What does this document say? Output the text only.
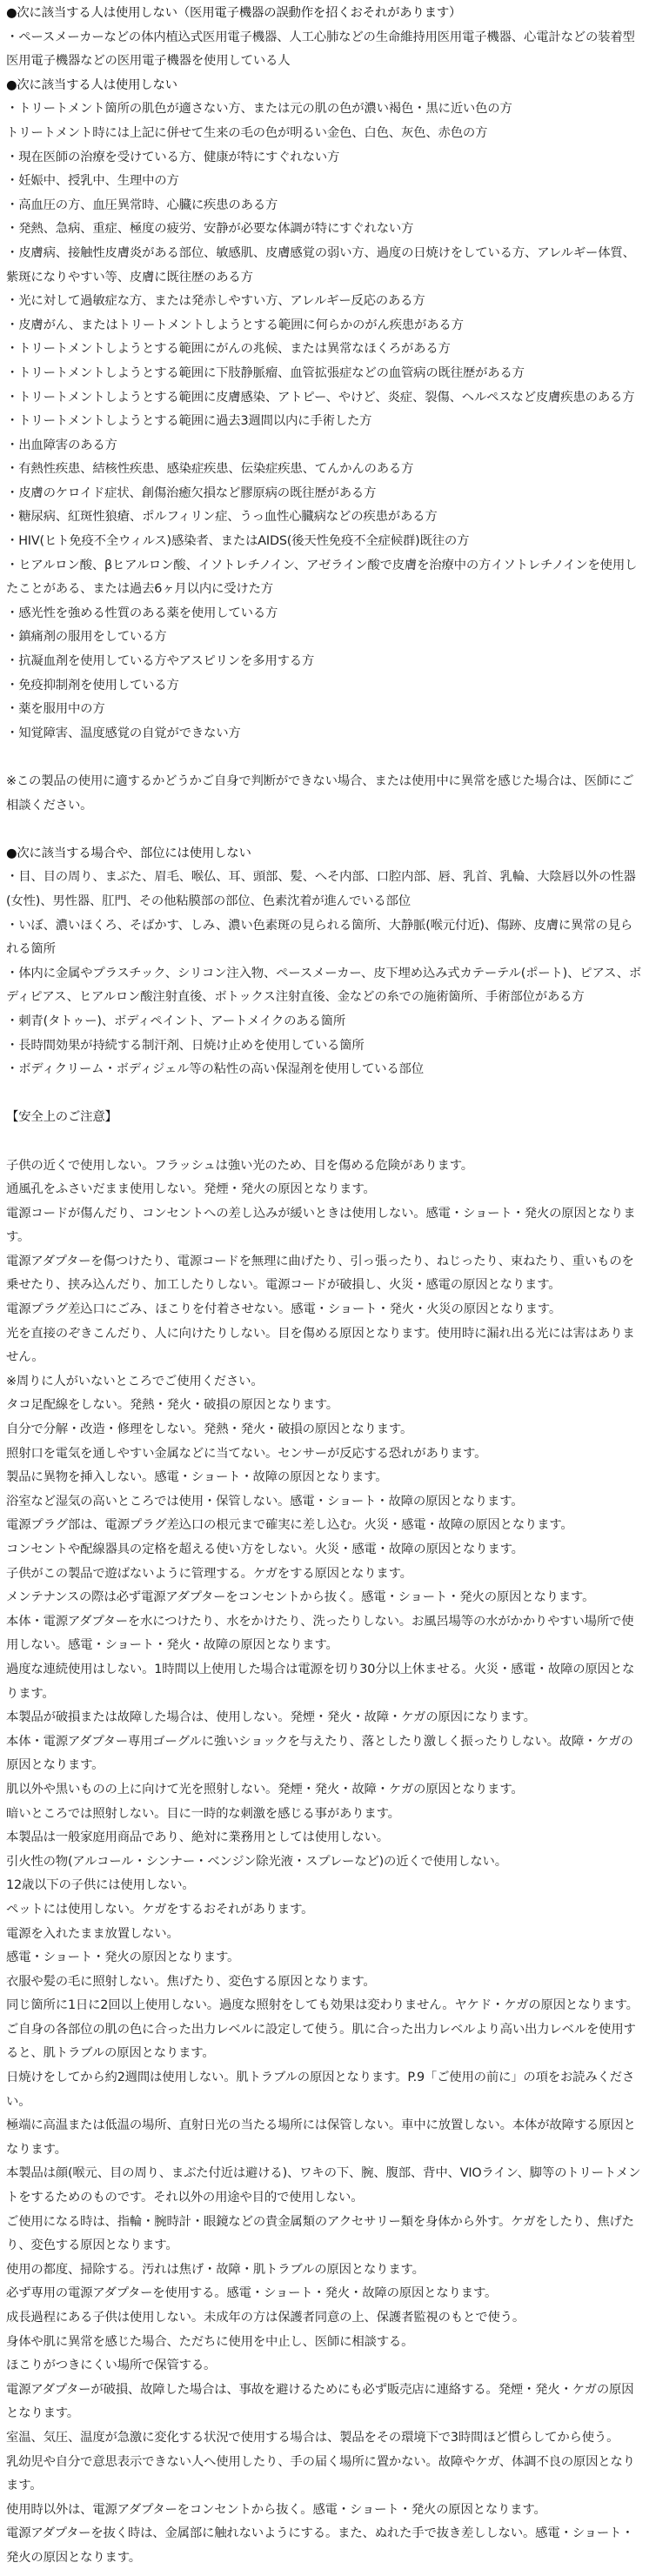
●次に該当する人は使用しない（医用電子機器の誤動作を招くおそれがあります）
・ペースメーカーなどの体内植込式医用電子機器、人工心肺などの生命維持用医用電子機器、心電計などの装着型医用電子機器などの医用電子機器を使用している人
●次に該当する人は使用しない
・トリートメント箇所の肌色が適さない方、または元の肌の色が濃い褐色・黒に近い色の方
トリートメント時には上記に併せて生来の毛の色が明るい金色、白色、灰色、赤色の方
・現在医師の治療を受けている方、健康が特にすぐれない方
・妊娠中、授乳中、生理中の方
・高血圧の方、血圧異常時、心臓に疾患のある方
・発熱、急病、重症、極度の疲労、安静が必要な体調が特にすぐれない方
・皮膚病、接触性皮膚炎がある部位、敏感肌、皮膚感覚の弱い方、過度の日焼けをしている方、アレルギー体質、紫斑になりやすい等、皮膚に既往歴のある方
・光に対して過敏症な方、または発赤しやすい方、アレルギー反応のある方
・皮膚がん、またはトリートメントしようとする範囲に何らかのがん疾患がある方
・トリートメントしようとする範囲にがんの兆候、または異常なほくろがある方
・トリートメントしようとする範囲に下肢静脈瘤、血管拡張症などの血管病の既往歴がある方
・トリートメントしようとする範囲に皮膚感染、アトピー、やけど、炎症、裂傷、ヘルペスなど皮膚疾患のある方
・トリートメントしようとする範囲に過去3週間以内に手術した方
・出血障害のある方
・有熱性疾患、結核性疾患、感染症疾患、伝染症疾患、てんかんのある方
・皮膚のケロイド症状、創傷治癒欠損など膠原病の既往歴がある方
・糖尿病、紅斑性狼瘡、ポルフィリン症、うっ血性心臓病などの疾患がある方
・HIV(ヒト免疫不全ウィルス)感染者、またはAIDS(後天性免疫不全症候群)既往の方
・ヒアルロン酸、βヒアルロン酸、イソトレチノイン、アゼライン酸で皮膚を治療中の方イソトレチノインを使用したことがある、または過去6ヶ月以内に受けた方
・感光性を強める性質のある薬を使用している方
・鎮痛剤の服用をしている方
・抗凝血剤を使用している方やアスピリンを多用する方
・免疫抑制剤を使用している方
・薬を服用中の方
・知覚障害、温度感覚の自覚ができない方
※この製品の使用に適するかどうかご自身で判断ができない場合、または使用中に異常を感じた場合は、医師にご相談ください。
●次に該当する場合や、部位には使用しない
・目、目の周り、まぶた、眉毛、喉仏、耳、頭部、髪、へそ内部、口腔内部、唇、乳首、乳輪、大陰唇以外の性器(女性)、男性器、肛門、その他粘膜部の部位、色素沈着が進んでいる部位
・いぼ、濃いほくろ、そばかす、しみ、濃い色素斑の見られる箇所、大静脈(喉元付近)、傷跡、皮膚に異常の見られる箇所
・体内に金属やプラスチック、シリコン注入物、ペースメーカー、皮下埋め込み式カテーテル(ポート)、ピアス、ボディピアス、ヒアルロン酸注射直後、ボトックス注射直後、金などの糸での施術箇所、手術部位がある方
・刺青(タトゥー)、ボディペイント、アートメイクのある箇所
・長時間効果が持続する制汗剤、日焼け止めを使用している箇所
・ボディクリーム・ボディジェル等の粘性の高い保湿剤を使用している部位
【安全上のご注意】
子供の近くで使用しない。フラッシュは強い光のため、目を傷める危険があります。
通風孔をふさいだまま使用しない。発煙・発火の原因となります。
電源コードが傷んだり、コンセントへの差し込みが緩いときは使用しない。感電・ショート・発火の原因となります。
電源アダプターを傷つけたり、電源コードを無理に曲げたり、引っ張ったり、ねじったり、束ねたり、重いものを乗せたり、挟み込んだり、加工したりしない。電源コードが破損し、火災・感電の原因となります。
電源プラグ差込口にごみ、ほこりを付着させない。感電・ショート・発火・火災の原因となります。
光を直接のぞきこんだり、人に向けたりしない。目を傷める原因となります。使用時に漏れ出る光には害はありません。
※周りに人がいないところでご使用ください。
タコ足配線をしない。発熱・発火・破損の原因となります。
自分で分解・改造・修理をしない。発熱・発火・破損の原因となります。
照射口を電気を通しやすい金属などに当てない。センサーが反応する恐れがあります。
製品に異物を挿入しない。感電・ショート・故障の原因となります。
浴室など湿気の高いところでは使用・保管しない。感電・ショート・故障の原因となります。
電源プラグ部は、電源プラグ差込口の根元まで確実に差し込む。火災・感電・故障の原因となります。
コンセントや配線器具の定格を超える使い方をしない。火災・感電・故障の原因となります。
子供がこの製品で遊ばないように管理する。ケガをする原因となります。
メンテナンスの際は必ず電源アダプターをコンセントから抜く。感電・ショート・発火の原因となります。
本体・電源アダプターを水につけたり、水をかけたり、洗ったりしない。お風呂場等の水がかかりやすい場所で使用しない。感電・ショート・発火・故障の原因となります。
過度な連続使用はしない。1時間以上使用した場合は電源を切り30分以上休ませる。火災・感電・故障の原因となります。
本製品が破損または故障した場合は、使用しない。発煙・発火・故障・ケガの原因になります。
本体・電源アダプター専用ゴーグルに強いショックを与えたり、落としたり激しく振ったりしない。故障・ケガの原因となります。
肌以外や黒いものの上に向けて光を照射しない。発煙・発火・故障・ケガの原因となります。
暗いところでは照射しない。目に一時的な刺激を感じる事があります。
本製品は一般家庭用商品であり、絶対に業務用としては使用しない。
引火性の物(アルコール・シンナー・ベンジン除光液・スプレーなど)の近くで使用しない。
12歳以下の子供には使用しない。
ペットには使用しない。ケガをするおそれがあります。
電源を入れたまま放置しない。
感電・ショート・発火の原因となります。
衣服や髪の毛に照射しない。焦げたり、変色する原因となります。
同じ箇所に1日に2回以上使用しない。過度な照射をしても効果は変わりません。ヤケド・ケガの原因となります。
ご自身の各部位の肌の色に合った出力レベルに設定して使う。肌に合った出力レベルより高い出力レベルを使用すると、肌トラブルの原因となります。
日焼けをしてから約2週間は使用しない。肌トラブルの原因となります。P.9「ご使用の前に」の項をお読みください。
極端に高温または低温の場所、直射日光の当たる場所には保管しない。車中に放置しない。本体が故障する原因となります。
本製品は顔(喉元、目の周り、まぶた付近は避ける)、ワキの下、腕、腹部、背中、VIOライン、脚等のトリートメントをするためのものです。それ以外の用途や目的で使用しない。
ご使用になる時は、指輪・腕時計・眼鏡などの貴金属類のアクセサリー類を身体から外す。ケガをしたり、焦げたり、変色する原因となります。
使用の都度、掃除する。汚れは焦げ・故障・肌トラブルの原因となります。
必ず専用の電源アダプターを使用する。感電・ショート・発火・故障の原因となります。
成長過程にある子供は使用しない。未成年の方は保護者同意の上、保護者監視のもとで使う。
身体や肌に異常を感じた場合、ただちに使用を中止し、医師に相談する。
ほこりがつきにくい場所で保管する。
電源アダプターが破損、故障した場合は、事故を避けるためにも必ず販売店に連絡する。発煙・発火・ケガの原因となります。
室温、気圧、温度が急激に変化する状況で使用する場合は、製品をその環境下で3時間ほど慣らしてから使う。
乳幼児や自分で意思表示できない人へ使用したり、手の届く場所に置かない。故障やケガ、体調不良の原因となります。
使用時以外は、電源アダプターをコンセントから抜く。感電・ショート・発火の原因となります。
電源アダプターを抜く時は、金属部に触れないようにする。また、ぬれた手で抜き差ししない。感電・ショート・発火の原因となります。
